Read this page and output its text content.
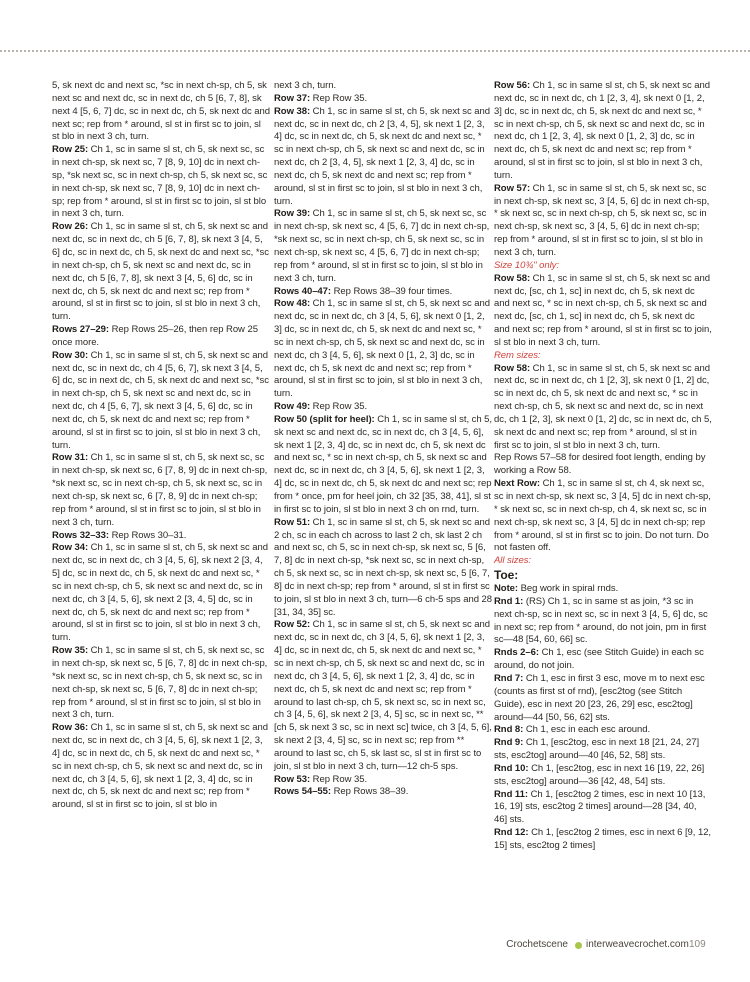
5, sk next dc and next sc, *sc in next ch-sp, ch 5, sk next sc and next dc, sc in next dc, ch 5 [6, 7, 8], sk next 4 [5, 6, 7] dc, sc in next dc, ch 5, sk next dc and next sc; rep from * around, sl st in first sc to join, sl st blo in next 3 ch, turn.

Row 25: Ch 1, sc in same sl st, ch 5, sk next sc, sc in next ch-sp, sk next sc, 7 [8, 9, 10] dc in next ch-sp, *sk next sc, sc in next ch-sp, ch 5, sk next sc, sc in next ch-sp, sk next sc, 7 [8, 9, 10] dc in next ch-sp; rep from * around, sl st in first sc to join, sl st blo in next 3 ch, turn.

Row 26: Ch 1, sc in same sl st, ch 5, sk next sc and next dc, sc in next dc, ch 5 [6, 7, 8], sk next 3 [4, 5, 6] dc, sc in next dc, ch 5, sk next dc and next sc, *sc in next ch-sp, ch 5, sk next sc and next dc, sc in next dc, ch 5 [6, 7, 8], sk next 3 [4, 5, 6] dc, sc in next dc, ch 5, sk next dc and next sc; rep from * around, sl st in first sc to join, sl st blo in next 3 ch, turn.

Rows 27–29: Rep Rows 25–26, then rep Row 25 once more.

Row 30: Ch 1, sc in same sl st, ch 5, sk next sc and next dc, sc in next dc, ch 4 [5, 6, 7], sk next 3 [4, 5, 6] dc, sc in next dc, ch 5, sk next dc and next sc, *sc in next ch-sp, ch 5, sk next sc and next dc, sc in next dc, ch 4 [5, 6, 7], sk next 3 [4, 5, 6] dc, sc in next dc, ch 5, sk next dc and next sc; rep from * around, sl st in first sc to join, sl st blo in next 3 ch, turn.

Row 31: Ch 1, sc in same sl st, ch 5, sk next sc, sc in next ch-sp, sk next sc, 6 [7, 8, 9] dc in next ch-sp, *sk next sc, sc in next ch-sp, ch 5, sk next sc, sc in next ch-sp, sk next sc, 6 [7, 8, 9] dc in next ch-sp; rep from * around, sl st in first sc to join, sl st blo in next 3 ch, turn.

Rows 32–33: Rep Rows 30–31.

Row 34: Ch 1, sc in same sl st, ch 5, sk next sc and next dc, sc in next dc, ch 3 [4, 5, 6], sk next 2 [3, 4, 5] dc, sc in next dc, ch 5, sk next dc and next sc, * sc in next ch-sp, ch 5, sk next sc and next dc, sc in next dc, ch 3 [4, 5, 6], sk next 2 [3, 4, 5] dc, sc in next dc, ch 5, sk next dc and next sc; rep from * around, sl st in first sc to join, sl st blo in next 3 ch, turn.

Row 35: Ch 1, sc in same sl st, ch 5, sk next sc, sc in next ch-sp, sk next sc, 5 [6, 7, 8] dc in next ch-sp, *sk next sc, sc in next ch-sp, ch 5, sk next sc, sc in next ch-sp, sk next sc, 5 [6, 7, 8] dc in next ch-sp; rep from * around, sl st in first sc to join, sl st blo in next 3 ch, turn.

Row 36: Ch 1, sc in same sl st, ch 5, sk next sc and next dc, sc in next dc, ch 3 [4, 5, 6], sk next 1 [2, 3, 4] dc, sc in next dc, ch 5, sk next dc and next sc, * sc in next ch-sp, ch 5, sk next sc and next dc, sc in next dc, ch 3 [4, 5, 6], sk next 1 [2, 3, 4] dc, sc in next dc, ch 5, sk next dc and next sc; rep from * around, sl st in first sc to join, sl st blo in

next 3 ch, turn.

Row 37: Rep Row 35.

Row 38: Ch 1, sc in same sl st, ch 5, sk next sc and next dc, sc in next dc, ch 2 [3, 4, 5], sk next 1 [2, 3, 4] dc, sc in next dc, ch 5, sk next dc and next sc, * sc in next ch-sp, ch 5, sk next sc and next dc, sc in next dc, ch 2 [3, 4, 5], sk next 1 [2, 3, 4] dc, sc in next dc, ch 5, sk next dc and next sc; rep from * around, sl st in first sc to join, sl st blo in next 3 ch, turn.

Row 39: Ch 1, sc in same sl st, ch 5, sk next sc, sc in next ch-sp, sk next sc, 4 [5, 6, 7] dc in next ch-sp, *sk next sc, sc in next ch-sp, ch 5, sk next sc, sc in next ch-sp, sk next sc, 4 [5, 6, 7] dc in next ch-sp; rep from * around, sl st in first sc to join, sl st blo in next 3 ch, turn.

Rows 40–47: Rep Rows 38–39 four times.

Row 48: Ch 1, sc in same sl st, ch 5, sk next sc and next dc, sc in next dc, ch 3 [4, 5, 6], sk next 0 [1, 2, 3] dc, sc in next dc, ch 5, sk next dc and next sc, * sc in next ch-sp, ch 5, sk next sc and next dc, sc in next dc, ch 3 [4, 5, 6], sk next 0 [1, 2, 3] dc, sc in next dc, ch 5, sk next dc and next sc; rep from * around, sl st in first sc to join, sl st blo in next 3 ch, turn.

Row 49: Rep Row 35.

Row 50 (split for heel): Ch 1, sc in same sl st, ch 5, sk next sc and next dc, sc in next dc, ch 3 [4, 5, 6], sk next 1 [2, 3, 4] dc, sc in next dc, ch 5, sk next dc and next sc, * sc in next ch-sp, ch 5, sk next sc and next dc, sc in next dc, ch 3 [4, 5, 6], sk next 1 [2, 3, 4] dc, sc in next dc, ch 5, sk next dc and next sc; rep from * once, pm for heel join, ch 32 [35, 38, 41], sl st in first sc to join, sl st blo in next 3 ch on rnd, turn.

Row 51: Ch 1, sc in same sl st, ch 5, sk next sc and 2 ch, sc in each ch across to last 2 ch, sk last 2 ch and next sc, ch 5, sc in next ch-sp, sk next sc, 5 [6, 7, 8] dc in next ch-sp, *sk next sc, sc in next ch-sp, ch 5, sk next sc, sc in next ch-sp, sk next sc, 5 [6, 7, 8] dc in next ch-sp; rep from * around, sl st in first sc to join, sl st blo in next 3 ch, turn—6 ch-5 sps and 28 [31, 34, 35] sc.

Row 52: Ch 1, sc in same sl st, ch 5, sk next sc and next dc, sc in next dc, ch 3 [4, 5, 6], sk next 1 [2, 3, 4] dc, sc in next dc, ch 5, sk next dc and next sc, * sc in next ch-sp, ch 5, sk next sc and next dc, sc in next dc, ch 3 [4, 5, 6], sk next 1 [2, 3, 4] dc, sc in next dc, ch 5, sk next dc and next sc; rep from * around to last ch-sp, ch 5, sk next sc, sc in next sc, ch 3 [4, 5, 6], sk next 2 [3, 4, 5] sc, sc in next sc, **[ch 5, sk next 3 sc, sc in next sc] twice, ch 3 [4, 5, 6], sk next 2 [3, 4, 5] sc, sc in next sc; rep from ** around to last sc, ch 5, sk last sc, sl st in first sc to join, sl st blo in next 3 ch, turn—12 ch-5 sps.

Row 53: Rep Row 35.

Rows 54–55: Rep Rows 38–39.

Row 56: Ch 1, sc in same sl st, ch 5, sk next sc and next dc, sc in next dc, ch 1 [2, 3, 4], sk next 0 [1, 2, 3] dc, sc in next dc, ch 5, sk next dc and next sc, * sc in next ch-sp, ch 5, sk next sc and next dc, sc in next dc, ch 1 [2, 3, 4], sk next 0 [1, 2, 3] dc, sc in next dc, ch 5, sk next dc and next sc; rep from * around, sl st in first sc to join, sl st blo in next 3 ch, turn.

Row 57: Ch 1, sc in same sl st, ch 5, sk next sc, sc in next ch-sp, sk next sc, 3 [4, 5, 6] dc in next ch-sp, * sk next sc, sc in next ch-sp, ch 5, sk next sc, sc in next ch-sp, sk next sc, 3 [4, 5, 6] dc in next ch-sp; rep from * around, sl st in first sc to join, sl st blo in next 3 ch, turn.

Size 10¾" only:

Row 58: Ch 1, sc in same sl st, ch 5, sk next sc and next dc, [sc, ch 1, sc] in next dc, ch 5, sk next dc and next sc, * sc in next ch-sp, ch 5, sk next sc and next dc, [sc, ch 1, sc] in next dc, ch 5, sk next dc and next sc; rep from * around, sl st in first sc to join, sl st blo in next 3 ch, turn.

Rem sizes:

Row 58: Ch 1, sc in same sl st, ch 5, sk next sc and next dc, sc in next dc, ch 1 [2, 3], sk next 0 [1, 2] dc, sc in next dc, ch 5, sk next dc and next sc, * sc in next ch-sp, ch 5, sk next sc and next dc, sc in next dc, ch 1 [2, 3], sk next 0 [1, 2] dc, sc in next dc, ch 5, sk next dc and next sc; rep from * around, sl st in first sc to join, sl st blo in next 3 ch, turn.

Rep Rows 57–58 for desired foot length, ending by working a Row 58.

Next Row: Ch 1, sc in same sl st, ch 4, sk next sc, sc in next ch-sp, sk next sc, 3 [4, 5] dc in next ch-sp, * sk next sc, sc in next ch-sp, ch 4, sk next sc, sc in next ch-sp, sk next sc, 3 [4, 5] dc in next ch-sp; rep from * around, sl st in first sc to join. Do not turn. Do not fasten off.

All sizes:

Toe:

Note: Beg work in spiral rnds.

Rnd 1: (RS) Ch 1, sc in same st as join, *3 sc in next ch-sp, sc in next sc, sc in next 3 [4, 5, 6] dc, sc in next sc; rep from * around, do not join, pm in first sc—48 [54, 60, 66] sc.

Rnds 2–6: Ch 1, esc (see Stitch Guide) in each sc around, do not join.

Rnd 7: Ch 1, esc in first 3 esc, move m to next esc (counts as first st of rnd), [esc2tog (see Stitch Guide), esc in next 20 [23, 26, 29] esc, esc2tog] around—44 [50, 56, 62] sts.

Rnd 8: Ch 1, esc in each esc around.

Rnd 9: Ch 1, [esc2tog, esc in next 18 [21, 24, 27] sts, esc2tog] around—40 [46, 52, 58] sts.

Rnd 10: Ch 1, [esc2tog, esc in next 16 [19, 22, 26] sts, esc2tog] around—36 [42, 48, 54] sts.

Rnd 11: Ch 1, [esc2tog 2 times, esc in next 10 [13, 16, 19] sts, esc2tog 2 times] around—28 [34, 40, 46] sts.

Rnd 12: Ch 1, [esc2tog 2 times, esc in next 6 [9, 12, 15] sts, esc2tog 2 times]

Crochetscene interweavecrochet.com 109
